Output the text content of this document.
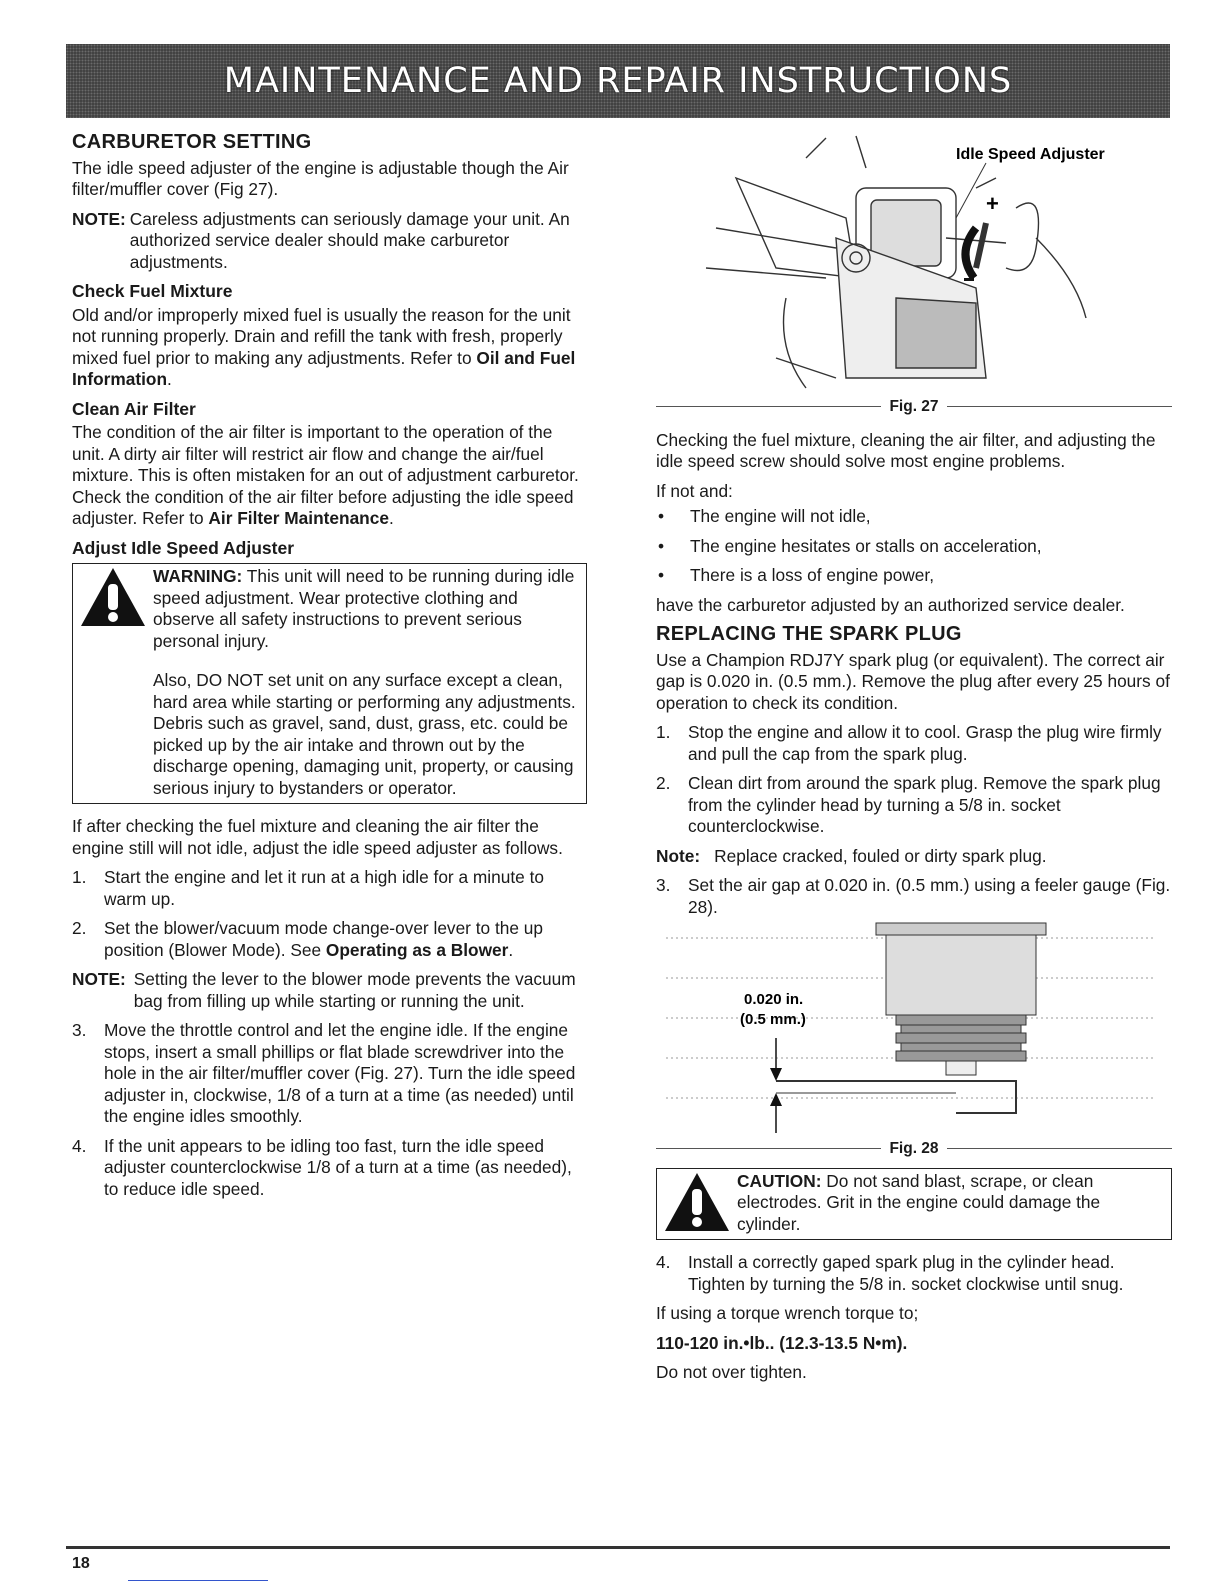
MAINTENANCE AND REPAIR INSTRUCTIONS
CARBURETOR SETTING

The idle speed adjuster of the engine is adjustable though the Air filter/muffler cover (Fig 27).

NOTE: Careless adjustments can seriously damage your unit. An authorized service dealer should make carburetor adjustments.
Check Fuel Mixture

Old and/or improperly mixed fuel is usually the reason for the unit not running properly. Drain and refill the tank with fresh, properly mixed fuel prior to making any adjustments. Refer to Oil and Fuel Information.

Clean Air Filter

The condition of the air filter is important to the operation of the unit. A dirty air filter will restrict air flow and change the air/fuel mixture. This is often mistaken for an out of adjustment carburetor. Check the condition of the air filter before adjusting the idle speed adjuster. Refer to Air Filter Maintenance.

Adjust Idle Speed Adjuster

WARNING: This unit will need to be running during idle speed adjustment. Wear protective clothing and observe all safety instructions to prevent serious personal injury.

Also, DO NOT set unit on any surface except a clean, hard area while starting or performing any adjustments. Debris such as gravel, sand, dust, grass, etc. could be picked up by the air intake and thrown out by the discharge opening, damaging unit, property, or causing serious injury to bystanders or operator.

If after checking the fuel mixture and cleaning the air filter the engine still will not idle, adjust the idle speed adjuster as follows.

1.	Start the engine and let it run at a high idle for a minute to warm up.
2.	Set the blower/vacuum mode change-over lever to the up position (Blower Mode). See Operating as a Blower.
NOTE: Setting the lever to the blower mode prevents the vacuum bag from filling up while starting or running the unit.
3.	Move the throttle control and let the engine idle. If the engine stops, insert a small phillips or flat blade screwdriver into the hole in the air filter/muffler cover (Fig. 27). Turn the idle speed adjuster in, clockwise, 1/8 of a turn at a time (as needed) until the engine idles smoothly.
4.	If the unit appears to be idling too fast, turn the idle speed adjuster counterclockwise 1/8 of a turn at a time (as needed), to reduce idle speed.
+
Idle Speed Adjuster
Fig. 27

Checking the fuel mixture, cleaning the air filter, and adjusting the idle speed screw should solve most engine problems.

If not and:

•	The engine will not idle,
•	The engine hesitates or stalls on acceleration,
•	There is a loss of engine power,

have the carburetor adjusted by an authorized service dealer.

REPLACING THE SPARK PLUG

Use a Champion RDJ7Y spark plug (or equivalent). The correct air gap is 0.020 in. (0.5 mm.). Remove the plug after every 25 hours of operation to check its condition.

1.	Stop the engine and allow it to cool. Grasp the plug wire firmly and pull the cap from the spark plug.
2.	Clean dirt from around the spark plug. Remove the spark plug from the cylinder head by turning a 5/8 in. socket counterclockwise.
Note: Replace cracked, fouled or dirty spark plug.
3.	Set the air gap at 0.020 in. (0.5 mm.) using a feeler gauge (Fig. 28).
0.020 in.
(0.5 mm.)
Fig. 28

CAUTION: Do not sand blast, scrape, or clean electrodes. Grit in the engine could damage the cylinder.

4.	Install a correctly gaped spark plug in the cylinder head. Tighten by turning the 5/8 in. socket clockwise until snug.

If using a torque wrench torque to;

110-120 in.•lb.. (12.3-13.5 N•m).

Do not over tighten.

18
